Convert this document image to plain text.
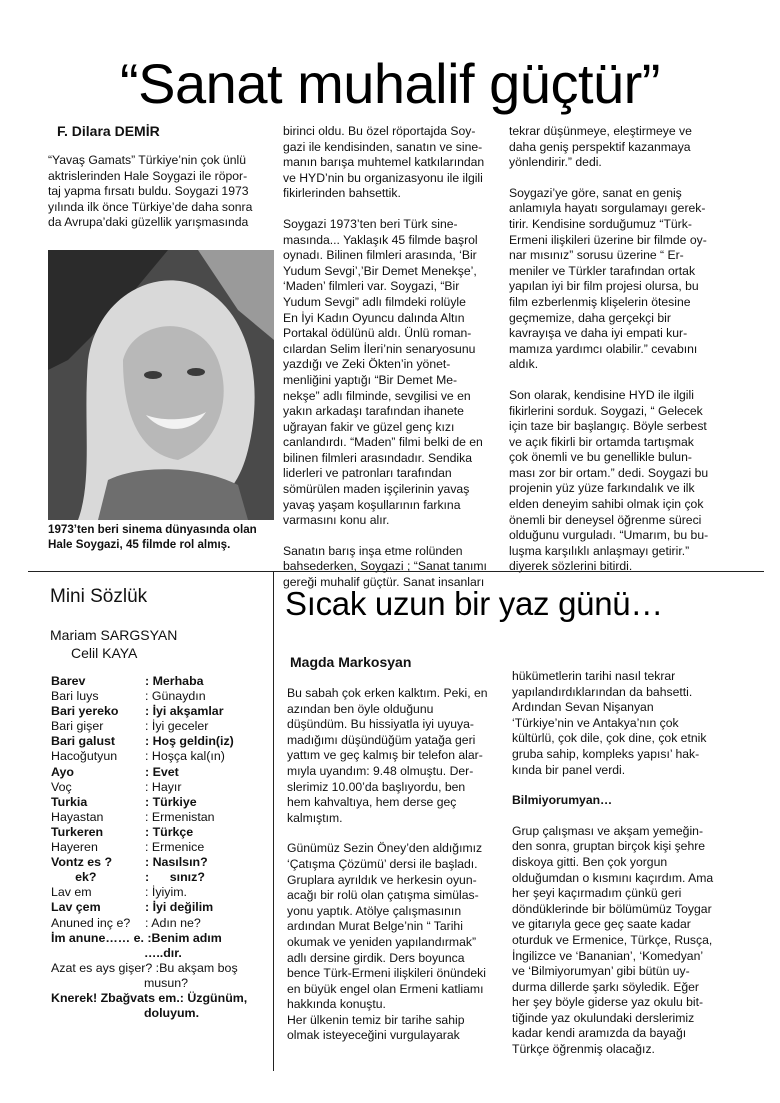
“Sanat muhalif güçtür”
F. Dilara DEMİR
“Yavaş Gamats” Türkiye’nin çok ünlü
aktrislerinden Hale Soygazi ile röpor-
taj yapma fırsatı buldu. Soygazi 1973
yılında ilk önce Türkiye’de daha sonra
da Avrupa’daki güzellik yarışmasında
1973’ten beri sinema dünyasında olan
Hale Soygazi, 45 filmde rol almış.

birinci oldu. Bu özel röportajda Soy-
gazi ile kendisinden, sanatın ve sine-
manın barışa muhtemel katkılarından
ve HYD’nin bu organizasyonu ile ilgili
fikirlerinden bahsettik.

Soygazi 1973’ten beri Türk sine-
masında... Yaklaşık 45 filmde başrol
oynadı. Bilinen filmleri arasında, ‘Bir
Yudum Sevgi’,’Bir Demet Menekşe’,
‘Maden’ filmleri var. Soygazi, “Bir
Yudum Sevgi” adlı filmdeki rolüyle
En İyi Kadın Oyuncu dalında Altın
Portakal ödülünü aldı. Ünlü roman-
cılardan Selim İleri’nin senaryosunu
yazdığı ve Zeki Ökten’in yönet-
menliğini yaptığı “Bir Demet Me-
nekşe” adlı filminde, sevgilisi ve en
yakın arkadaşı tarafından ihanete
uğrayan fakir ve güzel genç kızı
canlandırdı. “Maden” filmi belki de en
bilinen filmleri arasındadır. Sendika
liderleri ve patronları tarafından
sömürülen maden işçilerinin yavaş
yavaş yaşam koşullarının farkına
varmasını konu alır.

Sanatın barış inşa etme rolünden
bahsederken, Soygazi ; “Sanat tanımı
gereği muhalif güçtür. Sanat insanları

tekrar düşünmeye, eleştirmeye ve
daha geniş perspektif kazanmaya
yönlendirir.” dedi.

Soygazi’ye göre, sanat en geniş
anlamıyla hayatı sorgulamayı gerek-
tirir. Kendisine sorduğumuz “Türk-
Ermeni ilişkileri üzerine bir filmde oy-
nar mısınız” sorusu üzerine “ Er-
meniler ve Türkler tarafından ortak
yapılan iyi bir film projesi olursa, bu
film ezberlenmiş klişelerin ötesine
geçmemize, daha gerçekçi bir
kavrayışa ve daha iyi empati kur-
mamıza yardımcı olabilir.” cevabını
aldık.

Son olarak, kendisine HYD ile ilgili
fikirlerini sorduk. Soygazi, “ Gelecek
için taze bir başlangıç. Böyle serbest
ve açık fikirli bir ortamda tartışmak
çok önemli ve bu genellikle bulun-
ması zor bir ortam.” dedi. Soygazi bu
projenin yüz yüze farkındalık ve ilk
elden deneyim sahibi olmak için çok
önemli bir deneysel öğrenme süreci
olduğunu vurguladı. “Umarım, bu bu-
luşma karşılıklı anlaşmayı getirir.”
diyerek sözlerini bitirdi.

Mini Sözlük
Mariam SARGSYAN
Celil KAYA
Barev	: Merhaba
Bari luys	: Günaydın
Bari yereko	: İyi akşamlar
Bari gişer	: İyi geceler
Bari galust	: Hoş geldin(iz)
Hacoğutyun	: Hoşça kal(ın)
Ayo	: Evet
Voç	: Hayır
Turkia	: Türkiye
Hayastan	: Ermenistan
Turkeren	: Türkçe
Hayeren	: Ermenice
Vontz es ?	: Nasılsın?
ek?	:      sınız?
Lav em	: İyiyim.
Lav çem	: İyi değilim
Anuned inç e?	: Adın ne?
İm anune…… e. :Benim adım
…..dır.
Azat es ays gişer? :Bu akşam boş
musun?
Knerek! Zbağvats em.: Üzgünüm,
doluyum.
Sıcak uzun bir yaz günü…
Magda Markosyan

Bu sabah çok erken kalktım. Peki, en
azından ben öyle olduğunu
düşündüm. Bu hissiyatla iyi uyuya-
madığımı düşündüğüm yatağa geri
yattım ve geç kalmış bir telefon alar-
mıyla uyandım: 9.48 olmuştu. Der-
slerimiz 10.00’da başlıyordu, ben
hem kahvaltıya, hem derse geç
kalmıştım.

Günümüz Sezin Öney’den aldığımız
‘Çatışma Çözümü’ dersi ile başladı.
Gruplara ayrıldık ve herkesin oyun-
acağı bir rolü olan çatışma simülas-
yonu yaptık. Atölye çalışmasının
ardından Murat Belge’nin “ Tarihi
okumak ve yeniden yapılandırmak”
adlı dersine girdik. Ders boyunca
bence Türk-Ermeni ilişkileri önündeki
en büyük engel olan Ermeni katliamı
hakkında konuştu.
Her ülkenin temiz bir tarihe sahip
olmak isteyeceğini vurgulayarak

hükümetlerin tarihi nasıl tekrar
yapılandırdıklarından da bahsetti.
Ardından Sevan Nişanyan
‘Türkiye’nin ve Antakya’nın çok
kültürlü, çok dile, çok dine, çok etnik
gruba sahip, kompleks yapısı’ hak-
kında bir panel verdi.

Bilmiyorumyan…

Grup çalışması ve akşam yemeğin-
den sonra, gruptan birçok kişi şehre
diskoya gitti. Ben çok yorgun
olduğumdan o kısmını kaçırdım. Ama
her şeyi kaçırmadım çünkü geri
döndüklerinde bir bölümümüz Toygar
ve gitarıyla gece geç saate kadar
oturduk ve Ermenice, Türkçe, Rusça,
İngilizce ve ‘Bananian’, ‘Komedyan’
ve ‘Bilmiyorumyan’ gibi bütün uy-
durma dillerde şarkı söyledik. Eğer
her şey böyle giderse yaz okulu bit-
tiğinde yaz okulundaki derslerimiz
kadar kendi aramızda da bayağı
Türkçe öğrenmiş olacağız.
